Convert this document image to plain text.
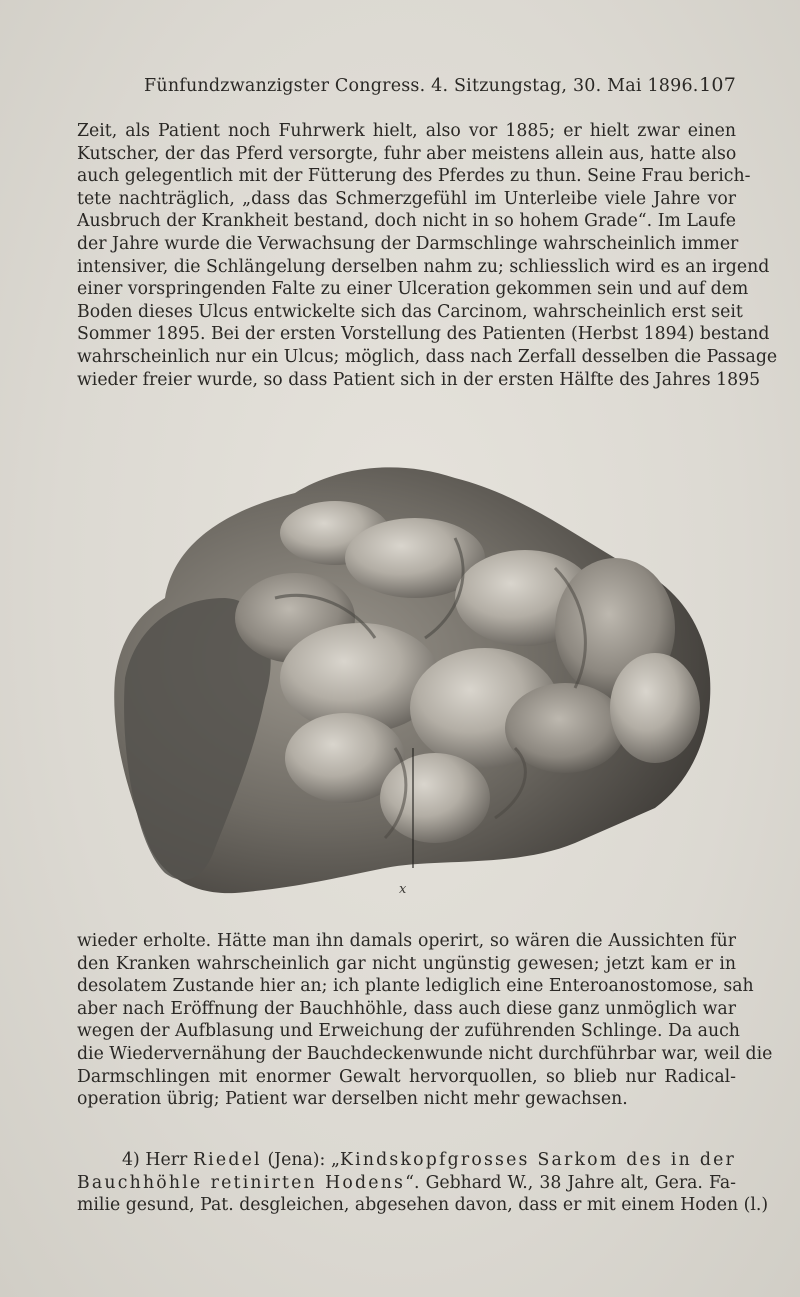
Fünfundzwanzigster Congress. 4. Sitzungstag, 30. Mai 1896. 107
Zeit, als Patient noch Fuhrwerk hielt, also vor 1885; er hielt zwar einen
Kutscher, der das Pferd versorgte, fuhr aber meistens allein aus, hatte also
auch gelegentlich mit der Fütterung des Pferdes zu thun. Seine Frau berich-
tete nachträglich, „dass das Schmerzgefühl im Unterleibe viele Jahre vor
Ausbruch der Krankheit bestand, doch nicht in so hohem Grade“. Im Laufe
der Jahre wurde die Verwachsung der Darmschlinge wahrscheinlich immer
intensiver, die Schlängelung derselben nahm zu; schliesslich wird es an irgend
einer vorspringenden Falte zu einer Ulceration gekommen sein und auf dem
Boden dieses Ulcus entwickelte sich das Carcinom, wahrscheinlich erst seit
Sommer 1895. Bei der ersten Vorstellung des Patienten (Herbst 1894) bestand
wahrscheinlich nur ein Ulcus; möglich, dass nach Zerfall desselben die Passage
wieder freier wurde, so dass Patient sich in der ersten Hälfte des Jahres 1895
x
wieder erholte. Hätte man ihn damals operirt, so wären die Aussichten für
den Kranken wahrscheinlich gar nicht ungünstig gewesen; jetzt kam er in
desolatem Zustande hier an; ich plante lediglich eine Enteroanostomose, sah
aber nach Eröffnung der Bauchhöhle, dass auch diese ganz unmöglich war
wegen der Aufblasung und Erweichung der zuführenden Schlinge. Da auch
die Wiedervernähung der Bauchdeckenwunde nicht durchführbar war, weil die
Darmschlingen mit enormer Gewalt hervorquollen, so blieb nur Radical-
operation übrig; Patient war derselben nicht mehr gewachsen.
4) Herr Riedel (Jena): „Kindskopfgrosses Sarkom des in der
Bauchhöhle retinirten Hodens“. Gebhard W., 38 Jahre alt, Gera. Fa-
milie gesund, Pat. desgleichen, abgesehen davon, dass er mit einem Hoden (l.)
